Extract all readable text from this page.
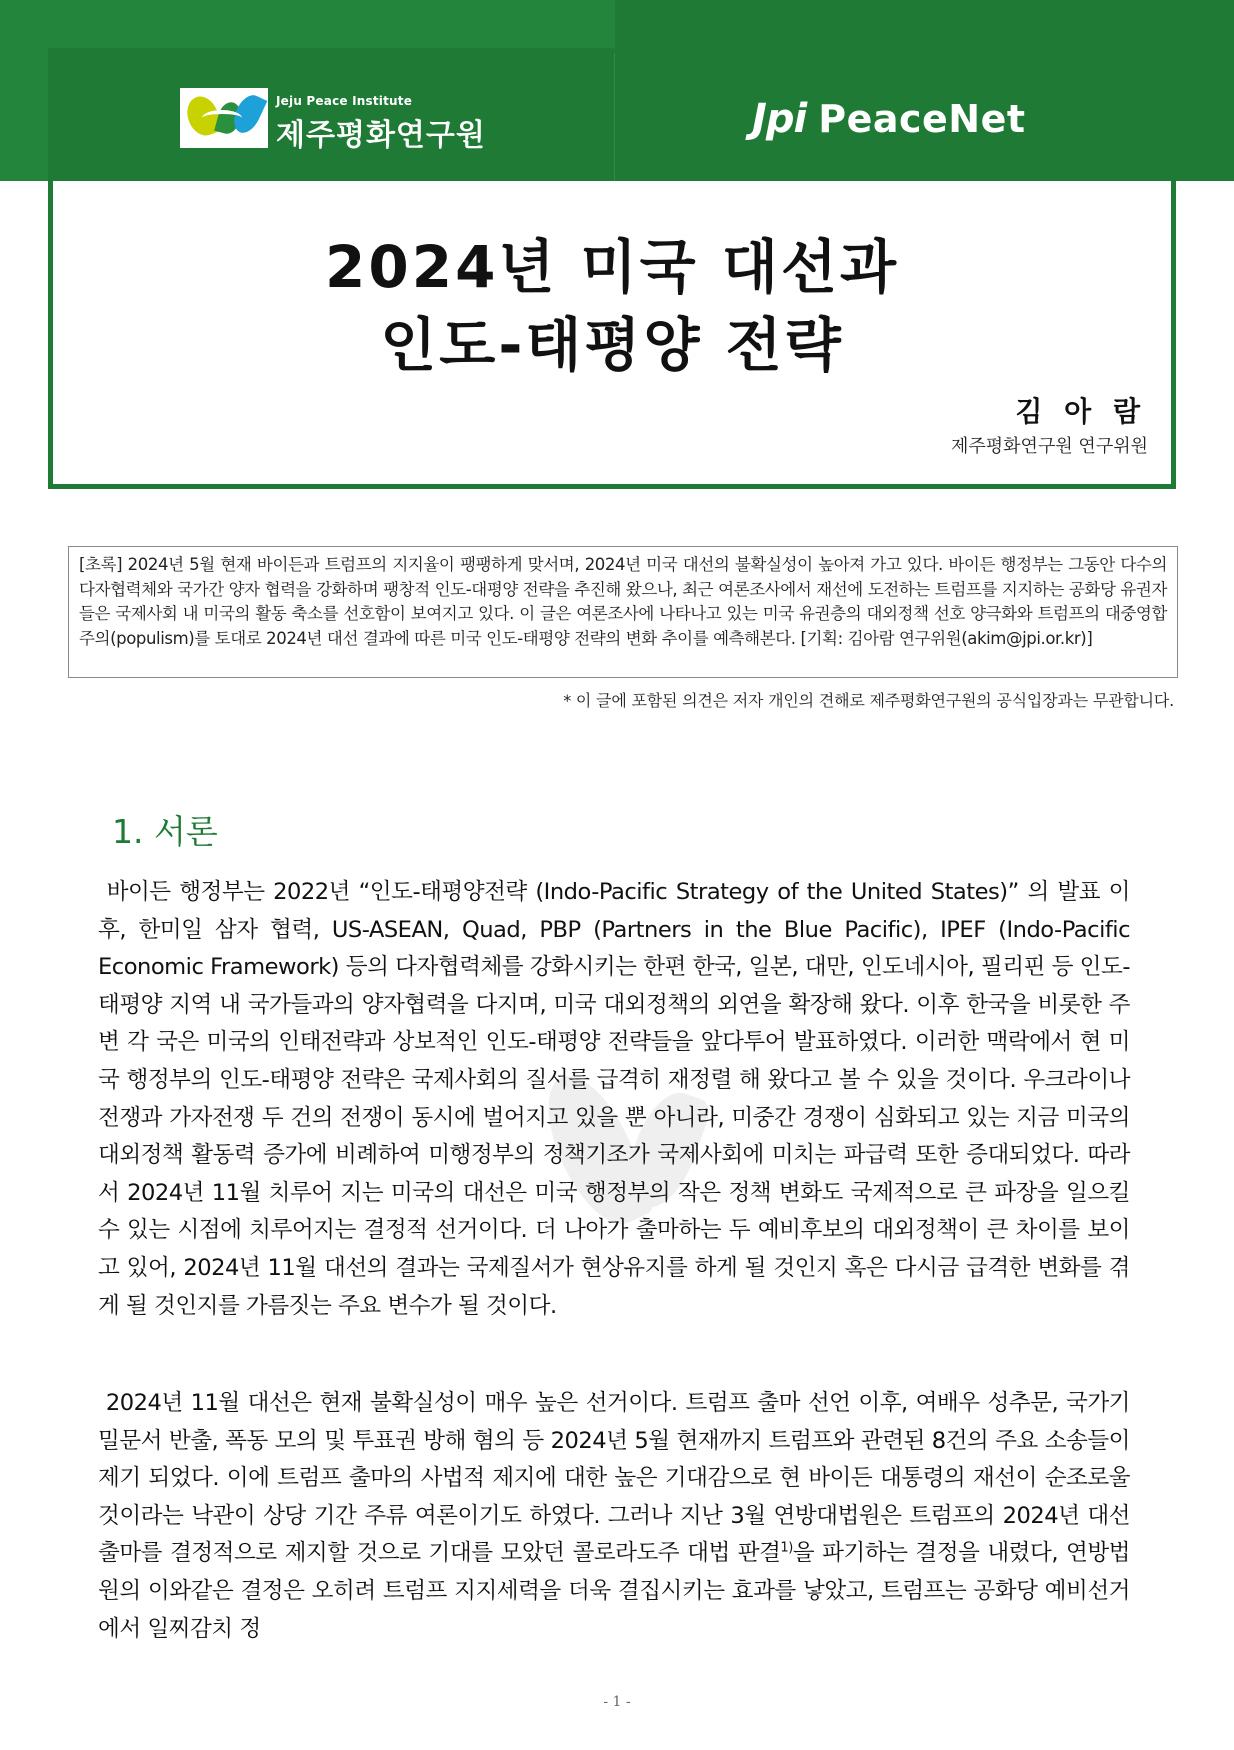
Jeju Peace Institute
제주평화연구원	Jpi PeaceNet
2024년 미국 대선과
인도-태평양 전략
김 아 람
제주평화연구원 연구위원
[초록] 2024년 5월 현재 바이든과 트럼프의 지지율이 팽팽하게 맞서며, 2024년 미국 대선의 불확실성이 높아져 가고 있다. 바이든 행정부는 그동안 다수의 다자협력체와 국가간 양자 협력을 강화하며 팽창적 인도-대평양 전략을 추진해 왔으나, 최근 여론조사에서 재선에 도전하는 트럼프를 지지하는 공화당 유권자들은 국제사회 내 미국의 활동 축소를 선호함이 보여지고 있다. 이 글은 여론조사에 나타나고 있는 미국 유권층의 대외정책 선호 양극화와 트럼프의 대중영합주의(populism)를 토대로 2024년 대선 결과에 따른 미국 인도-태평양 전략의 변화 추이를 예측해본다. [기획: 김아람 연구위원(akim@jpi.or.kr)]
* 이 글에 포함된 의견은 저자 개인의 견해로 제주평화연구원의 공식입장과는 무관합니다.
1. 서론
바이든 행정부는 2022년 “인도-태평양전략 (Indo-Pacific Strategy of the United States)” 의 발표 이후, 한미일 삼자 협력, US-ASEAN, Quad, PBP (Partners in the Blue Pacific), IPEF (Indo-Pacific Economic Framework) 등의 다자협력체를 강화시키는 한편 한국, 일본, 대만, 인도네시아, 필리핀 등 인도-태평양 지역 내 국가들과의 양자협력을 다지며, 미국 대외정책의 외연을 확장해 왔다. 이후 한국을 비롯한 주변 각 국은 미국의 인태전략과 상보적인 인도-태평양 전략들을 앞다투어 발표하였다. 이러한 맥락에서 현 미국 행정부의 인도-태평양 전략은 국제사회의 질서를 급격히 재정렬 해 왔다고 볼 수 있을 것이다. 우크라이나 전쟁과 가자전쟁 두 건의 전쟁이 동시에 벌어지고 있을 뿐 아니라, 미중간 경쟁이 심화되고 있는 지금 미국의 대외정책 활동력 증가에 비례하여 미행정부의 정책기조가 국제사회에 미치는 파급력 또한 증대되었다. 따라서 2024년 11월 치루어 지는 미국의 대선은 미국 행정부의 작은 정책 변화도 국제적으로 큰 파장을 일으킬 수 있는 시점에 치루어지는 결정적 선거이다. 더 나아가 출마하는 두 예비후보의 대외정책이 큰 차이를 보이고 있어, 2024년 11월 대선의 결과는 국제질서가 현상유지를 하게 될 것인지 혹은 다시금 급격한 변화를 겪게 될 것인지를 가름짓는 주요 변수가 될 것이다.
2024년 11월 대선은 현재 불확실성이 매우 높은 선거이다. 트럼프 출마 선언 이후, 여배우 성추문, 국가기밀문서 반출, 폭동 모의 및 투표권 방해 혐의 등 2024년 5월 현재까지 트럼프와 관련된 8건의 주요 소송들이 제기 되었다. 이에 트럼프 출마의 사법적 제지에 대한 높은 기대감으로 현 바이든 대통령의 재선이 순조로울 것이라는 낙관이 상당 기간 주류 여론이기도 하였다. 그러나 지난 3월 연방대법원은 트럼프의 2024년 대선 출마를 결정적으로 제지할 것으로 기대를 모았던 콜로라도주 대법 판결$^{1)}$을 파기하는 결정을 내렸다, 연방법원의 이와같은 결정은 오히려 트럼프 지지세력을 더욱 결집시키는 효과를 낳았고, 트럼프는 공화당 예비선거에서 일찌감치 정
- 1 -
